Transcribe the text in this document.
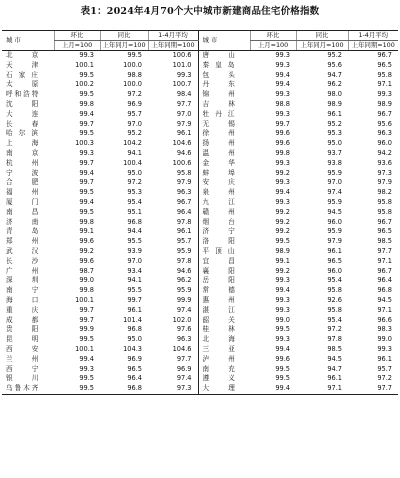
表1：2024年4月70个大中城市新建商品住宅价格指数
城市	环比	同比	1-4月平均	城市	环比	同比	1-4月平均
	上月=100	上年同月=100	上年同期=100		上月=100	上年同月=100	上年同期=100
北　　京	99.3	99.5	100.6	唐　　山	99.3	95.2	96.7
天　　津	100.1	100.0	101.0	秦 皇 岛	99.3	95.6	96.5
石 家 庄	99.5	98.8	99.3	包　　头	99.4	94.7	95.8
太　　原	100.2	100.0	100.7	丹　　东	99.4	96.2	97.1
呼和浩特	99.5	97.2	98.4	锦　　州	99.3	98.0	99.3
沈　　阳	99.8	96.9	97.7	吉　　林	98.8	98.9	98.9
大　　连	99.4	95.7	97.0	牡 丹 江	99.3	96.1	96.7
长　　春	99.7	97.0	97.9	无　　锡	99.7	95.2	95.6
哈 尔 滨	99.5	95.2	96.1	徐　　州	99.6	95.3	96.3
上　　海	100.3	104.2	104.6	扬　　州	99.6	95.0	96.0
南　　京	99.3	94.1	94.6	温　　州	99.8	93.7	94.2
杭　　州	99.7	100.4	100.6	金　　华	99.3	93.8	93.6
宁　　波	99.4	95.0	95.8	蚌　　埠	99.2	95.9	97.3
合　　肥	99.7	97.2	97.9	安　　庆	99.3	97.0	97.9
福　　州	99.5	95.3	96.3	泉　　州	99.4	97.4	98.2
厦　　门	99.4	95.4	96.7	九　　江	99.3	95.9	95.8
南　　昌	99.5	95.1	96.4	赣　　州	99.2	94.5	95.8
济　　南	99.8	96.8	97.8	烟　　台	99.2	96.0	96.7
青　　岛	99.1	94.4	96.1	济　　宁	99.2	95.9	96.5
郑　　州	99.6	95.5	95.7	洛　　阳	99.5	97.9	98.5
武　　汉	99.2	93.9	95.9	平 顶 山	98.9	96.1	97.7
长　　沙	99.6	97.0	97.8	宜　　昌	99.1	96.5	97.1
广　　州	98.7	93.4	94.6	襄　　阳	99.2	96.0	96.7
深　　圳	99.0	94.1	96.2	岳　　阳	99.3	95.4	96.4
南　　宁	99.8	95.5	95.9	常　　德	99.4	95.8	96.8
海　　口	100.1	99.7	99.9	惠　　州	99.3	92.6	94.5
重　　庆	99.7	96.1	97.4	湛　　江	99.3	95.8	97.1
成　　都	99.7	101.4	102.0	韶　　关	99.0	95.4	96.6
贵　　阳	99.9	96.8	97.6	桂　　林	99.5	97.2	98.3
昆　　明	99.5	95.0	96.3	北　　海	99.3	97.8	99.0
西　　安	100.1	104.3	104.6	三　　亚	99.4	98.5	99.3
兰　　州	99.4	96.9	97.7	泸　　州	99.6	94.5	96.1
西　　宁	99.3	96.5	96.9	南　　充	99.5	94.7	95.7
银　　川	99.5	96.4	97.4	遵　　义	99.5	96.1	97.2
乌鲁木齐	99.5	96.8	97.3	大　　理	99.4	97.1	97.7
